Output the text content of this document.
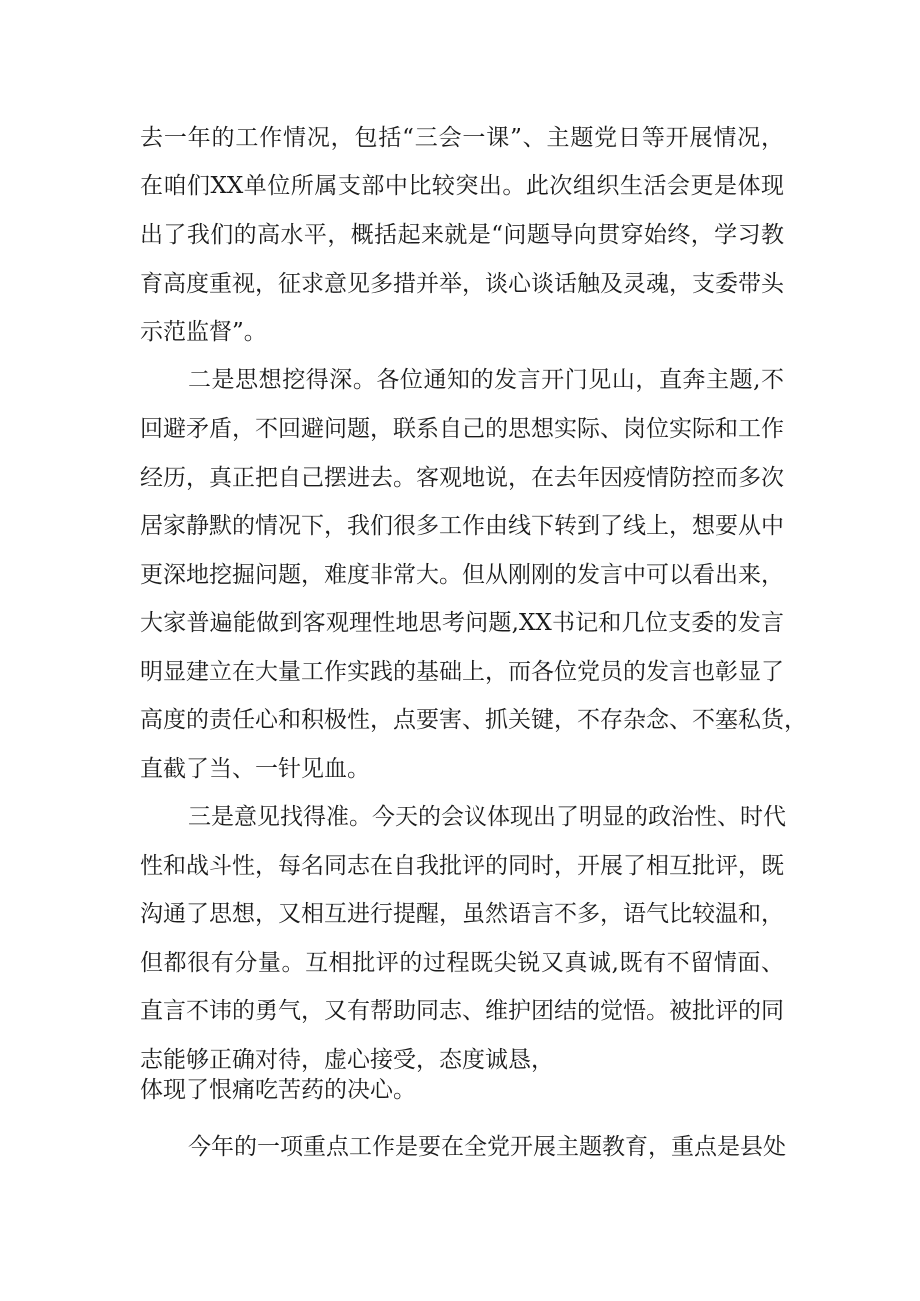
去一年的工作情况，包括“三会一课”、主题党日等开展情况，
在咱们XX单位所属支部中比较突出。此次组织生活会更是体现
出了我们的高水平，概括起来就是“问题导向贯穿始终，学习教
育高度重视，征求意见多措并举，谈心谈话触及灵魂，支委带头
示范监督”。
二是思想挖得深。各位通知的发言开门见山，直奔主题,不
回避矛盾，不回避问题，联系自己的思想实际、岗位实际和工作
经历，真正把自己摆进去。客观地说，在去年因疫情防控而多次
居家静默的情况下，我们很多工作由线下转到了线上，想要从中
更深地挖掘问题，难度非常大。但从刚刚的发言中可以看出来，
大家普遍能做到客观理性地思考问题,XX书记和几位支委的发言
明显建立在大量工作实践的基础上，而各位党员的发言也彰显了
高度的责任心和积极性，点要害、抓关键，不存杂念、不塞私货，
直截了当、一针见血。
三是意见找得准。今天的会议体现出了明显的政治性、时代
性和战斗性，每名同志在自我批评的同时，开展了相互批评，既
沟通了思想，又相互进行提醒，虽然语言不多，语气比较温和，
但都很有分量。互相批评的过程既尖锐又真诚,既有不留情面、
直言不讳的勇气，又有帮助同志、维护团结的觉悟。被批评的同
志能够正确对待，虚心接受，态度诚恳，
体现了恨痛吃苦药的决心。
今年的一项重点工作是要在全党开展主题教育，重点是县处
